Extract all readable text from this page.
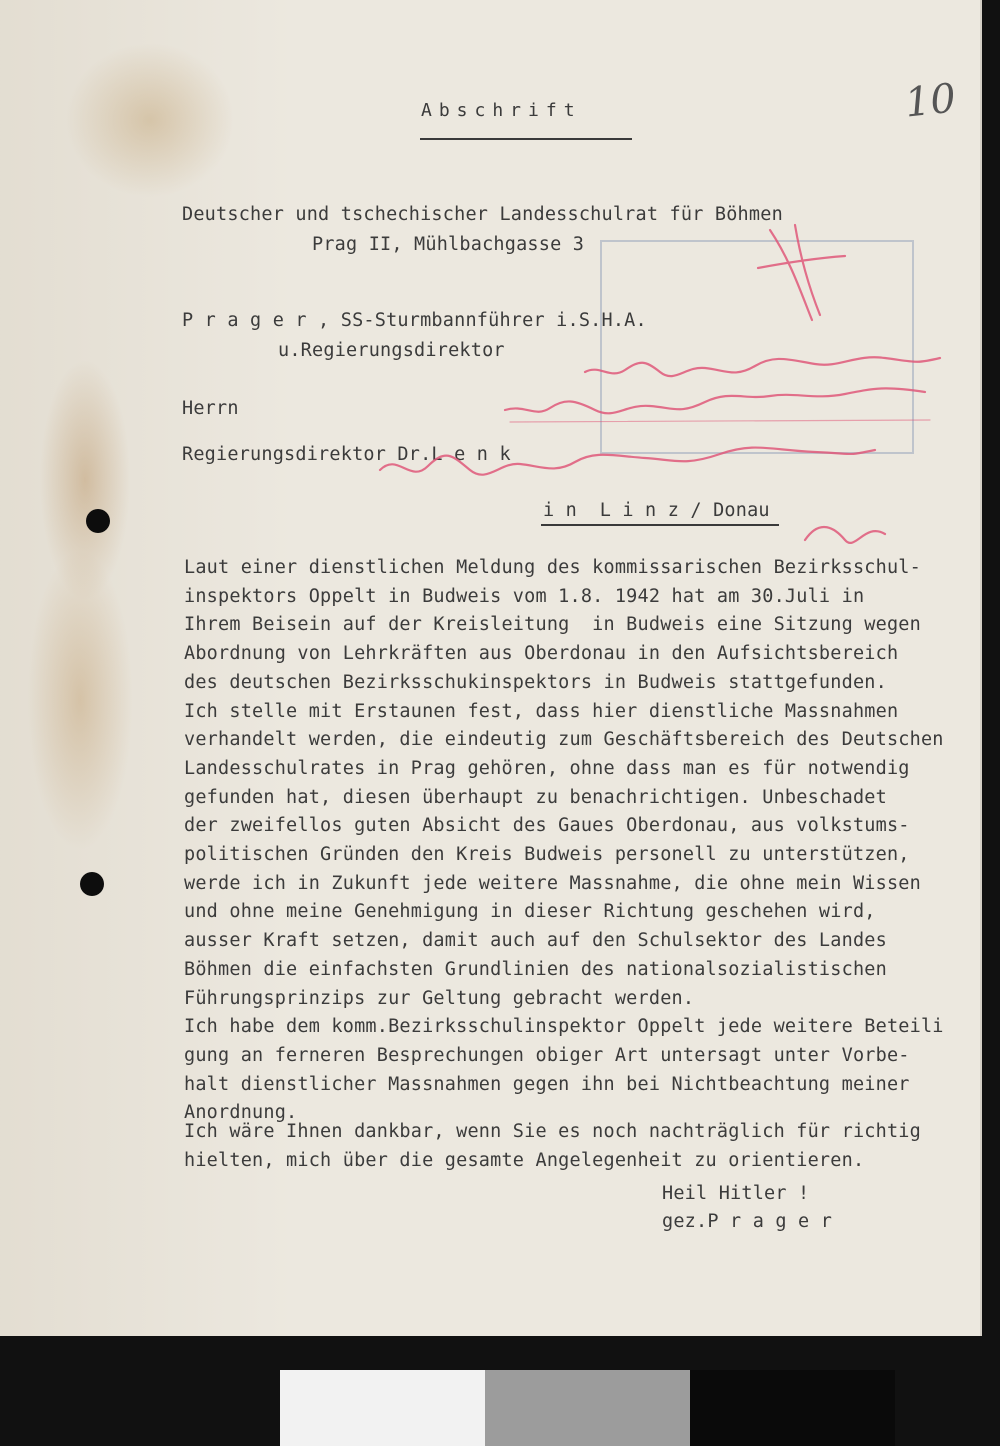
Abschrift	10
Deutscher und tschechischer Landesschulrat für Böhmen
Prag II, Mühlbachgasse 3
P r a g e r , SS-Sturmbannführer i.S.H.A.
u.Regierungsdirektor
Herrn
Regierungsdirektor Dr.L e n k
i n  L i n z / Donau
Laut einer dienstlichen Meldung des kommissarischen Bezirksschul-
inspektors Oppelt in Budweis vom 1.8. 1942 hat am 30.Juli in
Ihrem Beisein auf der Kreisleitung  in Budweis eine Sitzung wegen
Abordnung von Lehrkräften aus Oberdonau in den Aufsichtsbereich
des deutschen Bezirksschukinspektors in Budweis stattgefunden.
Ich stelle mit Erstaunen fest, dass hier dienstliche Massnahmen
verhandelt werden, die eindeutig zum Geschäftsbereich des Deutschen
Landesschulrates in Prag gehören, ohne dass man es für notwendig
gefunden hat, diesen überhaupt zu benachrichtigen. Unbeschadet
der zweifellos guten Absicht des Gaues Oberdonau, aus volkstums-
politischen Gründen den Kreis Budweis personell zu unterstützen,
werde ich in Zukunft jede weitere Massnahme, die ohne mein Wissen
und ohne meine Genehmigung in dieser Richtung geschehen wird,
ausser Kraft setzen, damit auch auf den Schulsektor des Landes
Böhmen die einfachsten Grundlinien des nationalsozialistischen
Führungsprinzips zur Geltung gebracht werden.
Ich habe dem komm.Bezirksschulinspektor Oppelt jede weitere Beteili
gung an ferneren Besprechungen obiger Art untersagt unter Vorbe-
halt dienstlicher Massnahmen gegen ihn bei Nichtbeachtung meiner
Anordnung.
Ich wäre Ihnen dankbar, wenn Sie es noch nachträglich für richtig
hielten, mich über die gesamte Angelegenheit zu orientieren.
Heil Hitler !
gez.P r a g e r
